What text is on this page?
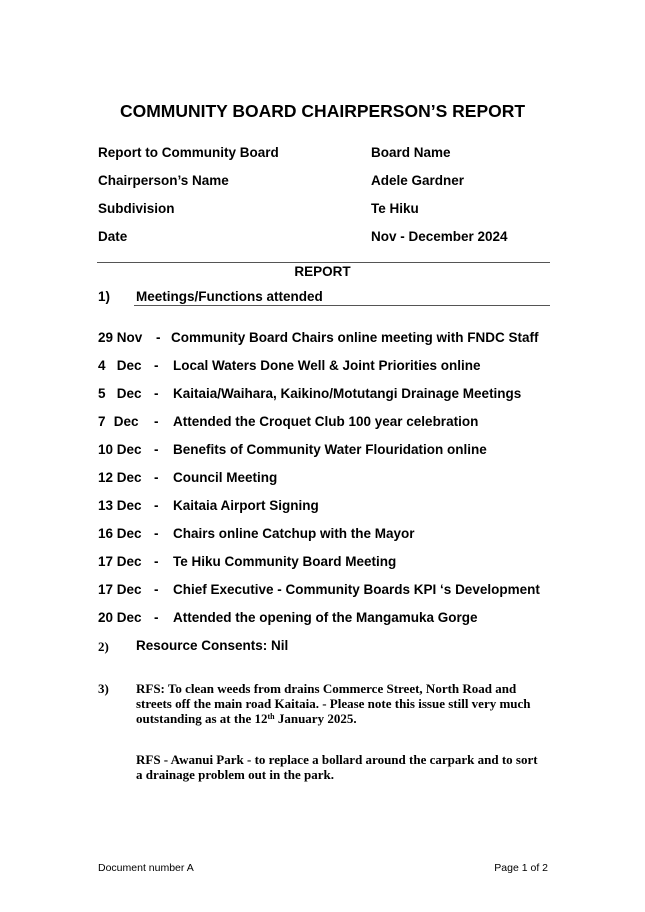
COMMUNITY BOARD CHAIRPERSON’S REPORT
Report to Community Board	Board Name
Chairperson’s Name	Adele Gardner
Subdivision	Te Hiku
Date	Nov - December 2024
REPORT
1) Meetings/Functions attended
29 Nov - Community Board Chairs online meeting with FNDC Staff
4 Dec - Local Waters Done Well & Joint Priorities online
5 Dec - Kaitaia/Waihara, Kaikino/Motutangi Drainage Meetings
7 Dec - Attended the Croquet Club 100 year celebration
10 Dec - Benefits of Community Water Flouridation online
12 Dec - Council Meeting
13 Dec - Kaitaia Airport Signing
16 Dec - Chairs online Catchup with the Mayor
17 Dec - Te Hiku Community Board Meeting
17 Dec - Chief Executive - Community Boards KPI ‘s Development
20 Dec - Attended the opening of the Mangamuka Gorge
2) Resource Consents: Nil
3) RFS: To clean weeds from drains Commerce Street, North Road and
streets off the main road Kaitaia. - Please note this issue still very much
outstanding as at the 12th January 2025.
RFS - Awanui Park - to replace a bollard around the carpark and to sort
a drainage problem out in the park.
Document number A	Page 1 of 2
